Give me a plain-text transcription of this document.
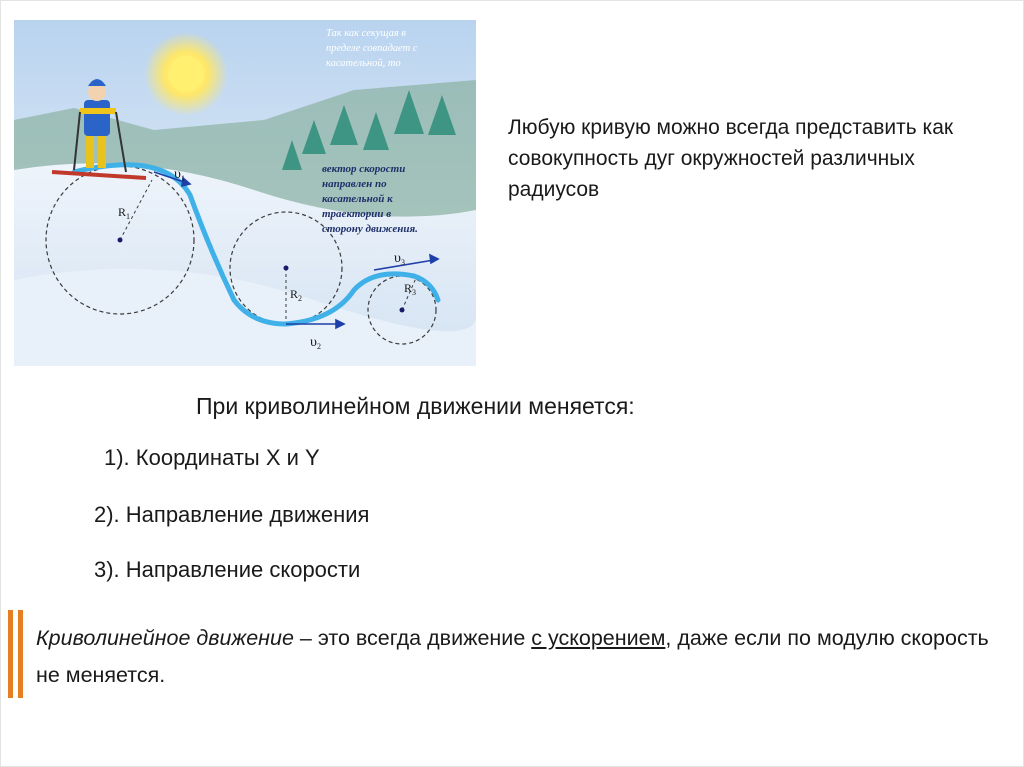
Так как секущая в
пределе совпадает с
касательной, то
вектор скорости
направлен по
касательной к
траектории в
сторону движения.
$R_1$
$R_2$
$R_3$
$\upsilon_1$
$\upsilon_2$
$\upsilon_3$
Любую кривую можно всегда представить как совокупность дуг окружностей различных радиусов
При криволинейном движении меняется:
1). Координаты X и Y
2). Направление движения
3). Направление скорости
Криволинейное движение – это всегда движение с ускорением, даже если по модулю скорость не меняется.
